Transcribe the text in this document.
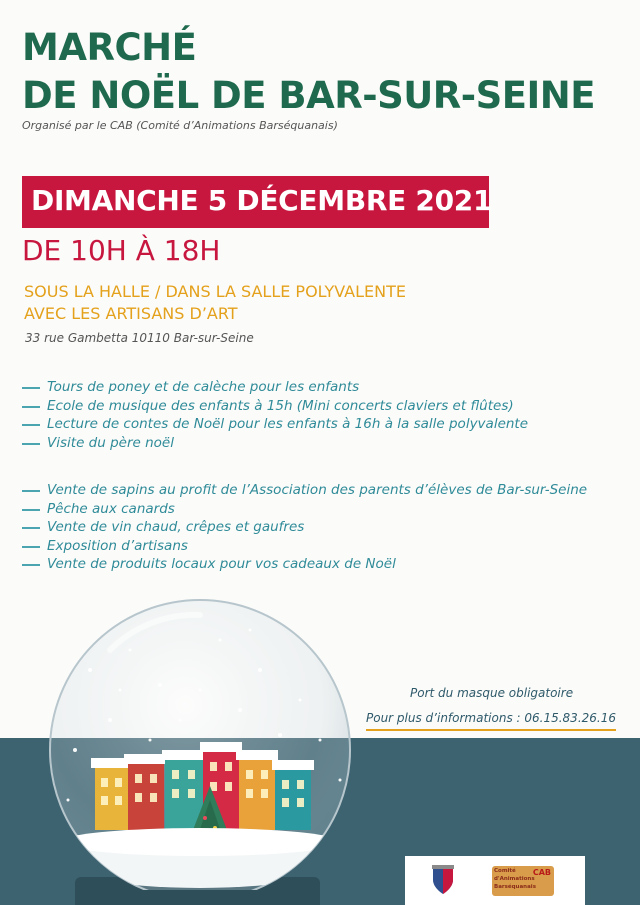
MARCHÉ
DE NOËL DE BAR-SUR-SEINE
Organisé par le CAB (Comité d’Animations Barséquanais)
DIMANCHE 5 DÉCEMBRE 2021
DE 10H À 18H
SOUS LA HALLE / DANS LA SALLE POLYVALENTE
AVEC LES ARTISANS D’ART
33 rue Gambetta 10110 Bar-sur-Seine
Tours de poney et de calèche pour les enfants
Ecole de musique des enfants à 15h (Mini concerts claviers et flûtes)
Lecture de contes de Noël pour les enfants à 16h à la salle polyvalente
Visite du père noël
Vente de sapins au profit de l’Association des parents d’élèves de Bar-sur-Seine
Pêche aux canards
Vente de vin chaud, crêpes et gaufres
Exposition d’artisans
Vente de produits locaux pour vos cadeaux de Noël
Port du masque obligatoire
Pour plus d’informations : 06.15.83.26.16
Comité
d'Animations
Barséquanais
CAB
